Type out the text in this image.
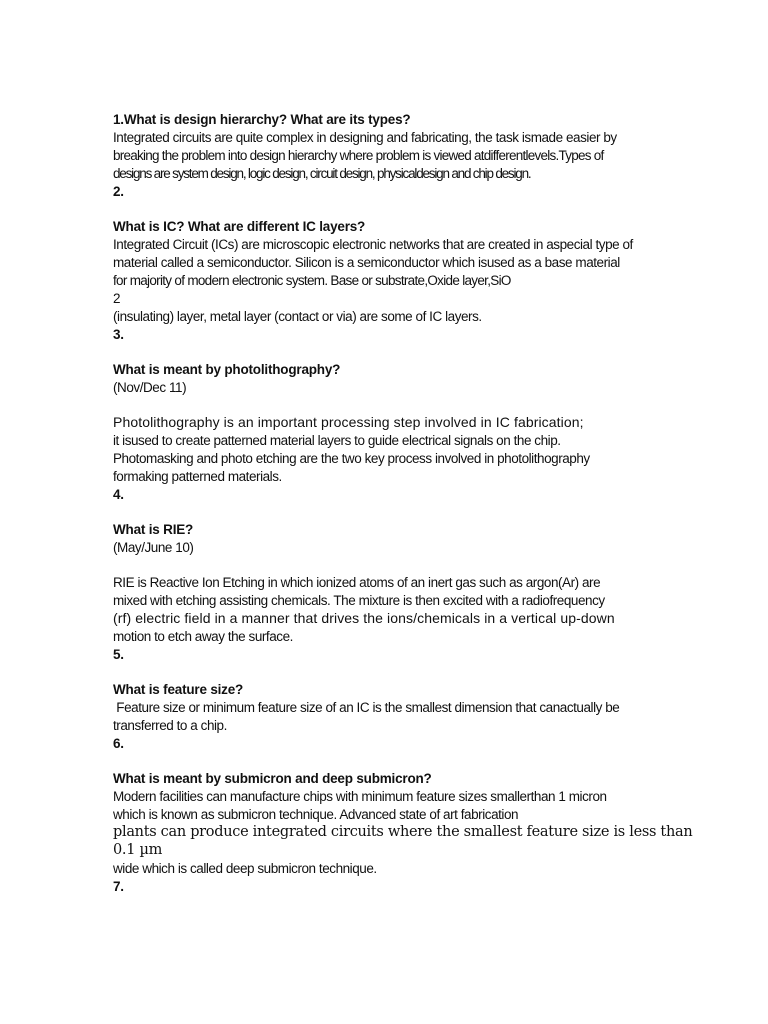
1.What is design hierarchy? What are its types?
Integrated circuits are quite complex in designing and fabricating, the task ismade easier by
breaking the problem into design hierarchy where problem is viewed atdifferentlevels.Types of
designs are system design, logic design, circuit design, physicaldesign and chip design.
2.
What is IC? What are different IC layers?
Integrated Circuit (ICs) are microscopic electronic networks that are created in aspecial type of
material called a semiconductor. Silicon is a semiconductor which isused as a base material
for majority of modern electronic system. Base or substrate,Oxide layer,SiO
2
(insulating) layer, metal layer (contact or via) are some of IC layers.
3.
What is meant by photolithography?
(Nov/Dec 11)
Photolithography is an important processing step involved in IC fabrication;
it isused to create patterned material layers to guide electrical signals on the chip.
Photomasking and photo etching are the two key process involved in photolithography
formaking patterned materials.
4.
What is RIE?
(May/June 10)
RIE is Reactive Ion Etching in which ionized atoms of an inert gas such as argon(Ar) are
mixed with etching assisting chemicals. The mixture is then excited with a radiofrequency
(rf) electric field in a manner that drives the ions/chemicals in a vertical up-down
motion to etch away the surface.
5.
What is feature size?
Feature size or minimum feature size of an IC is the smallest dimension that canactually be
transferred to a chip.
6.
What is meant by submicron and deep submicron?
Modern facilities can manufacture chips with minimum feature sizes smallerthan 1 micron
which is known as submicron technique. Advanced state of art fabrication
plants can produce integrated circuits where the smallest feature size is less than
0.1 µm
wide which is called deep submicron technique.
7.
